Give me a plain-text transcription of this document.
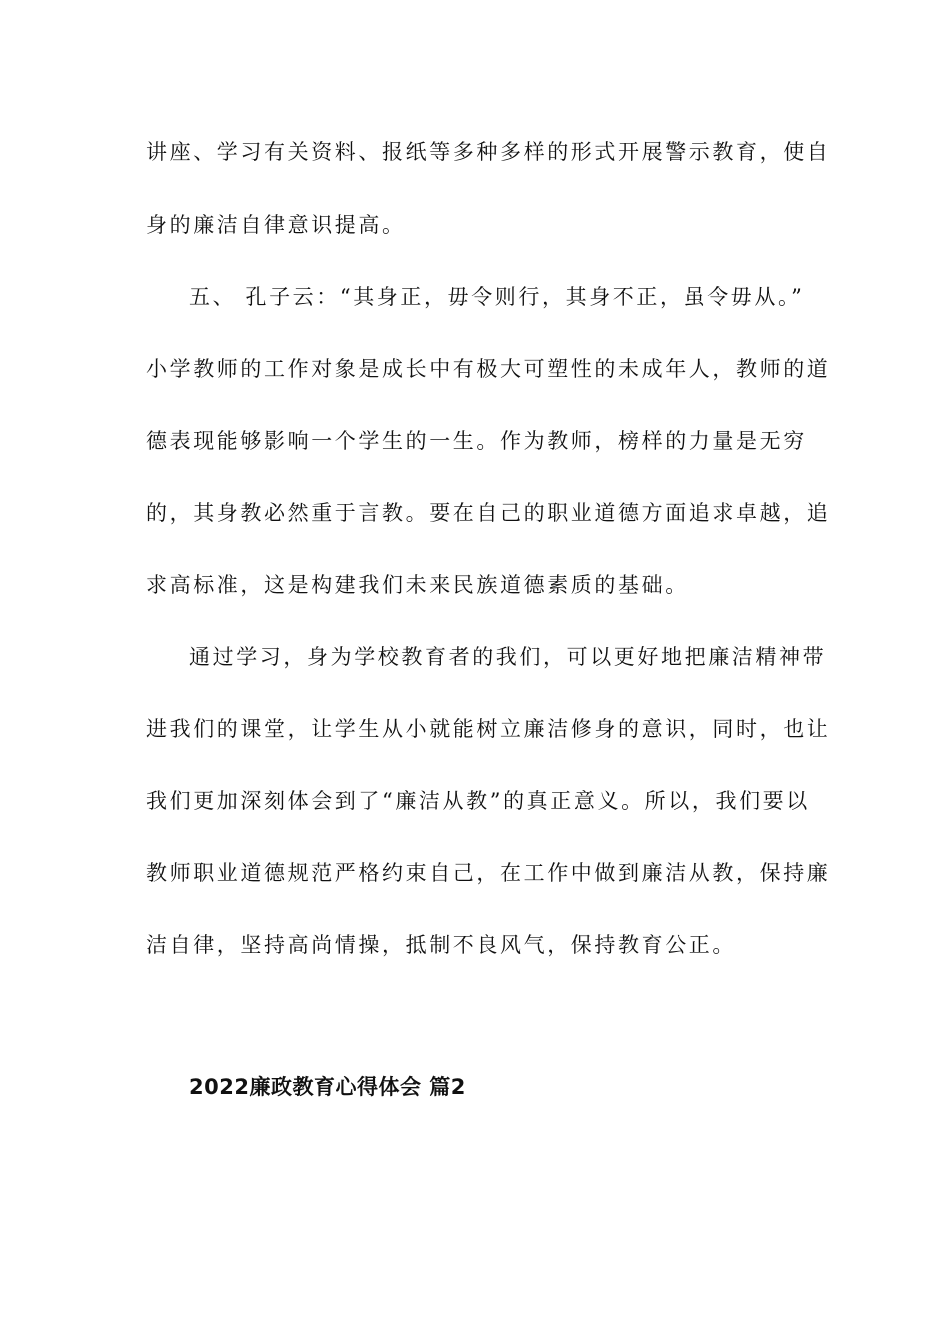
讲座、学习有关资料、报纸等多种多样的形式开展警示教育，使自
身的廉洁自律意识提高。
五、 孔子云：“其身正，毋令则行，其身不正，虽令毋从。”
小学教师的工作对象是成长中有极大可塑性的未成年人，教师的道
德表现能够影响一个学生的一生。作为教师，榜样的力量是无穷
的，其身教必然重于言教。要在自己的职业道德方面追求卓越，追
求高标准，这是构建我们未来民族道德素质的基础。
通过学习，身为学校教育者的我们，可以更好地把廉洁精神带
进我们的课堂，让学生从小就能树立廉洁修身的意识，同时，也让
我们更加深刻体会到了“廉洁从教”的真正意义。所以，我们要以
教师职业道德规范严格约束自己，在工作中做到廉洁从教，保持廉
洁自律，坚持高尚情操，抵制不良风气，保持教育公正。
2022廉政教育心得体会 篇2
